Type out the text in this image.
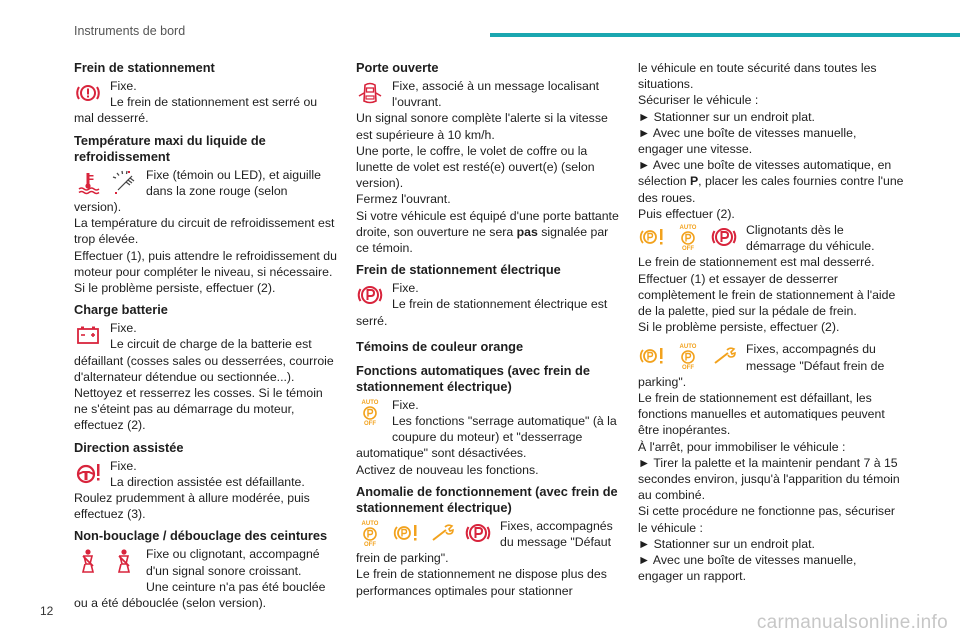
Instruments de bord
Frein de stationnement
Fixe.
Le frein de stationnement est serré ou mal desserré.
Température maxi du liquide de refroidissement
Fixe (témoin ou LED), et aiguille dans la zone rouge (selon version).
La température du circuit de refroidissement est trop élevée.
Effectuer (1), puis attendre le refroidissement du moteur pour compléter le niveau, si nécessaire.
Si le problème persiste, effectuer (2).
Charge batterie
Fixe.
Le circuit de charge de la batterie est défaillant (cosses sales ou desserrées, courroie d'alternateur détendue ou sectionnée...).
Nettoyez et resserrez les cosses. Si le témoin ne s'éteint pas au démarrage du moteur, effectuez (2).
Direction assistée
Fixe.
La direction assistée est défaillante.
Roulez prudemment à allure modérée, puis effectuez (3).
Non-bouclage / débouclage des ceintures
Fixe ou clignotant, accompagné d'un signal sonore croissant.
Une ceinture n'a pas été bouclée ou a été débouclée (selon version).
Porte ouverte
Fixe, associé à un message localisant l'ouvrant.
Un signal sonore complète l'alerte si la vitesse est supérieure à 10 km/h.
Une porte, le coffre, le volet de coffre ou la lunette de volet est resté(e) ouvert(e) (selon version).
Fermez l'ouvrant.
Si votre véhicule est équipé d'une porte battante droite, son ouverture ne sera pas signalée par ce témoin.
Frein de stationnement électrique
Fixe.
Le frein de stationnement électrique est serré.
Témoins de couleur orange
Fonctions automatiques (avec frein de stationnement électrique)
AUTO
OFF
Fixe.
Les fonctions "serrage automatique" (à la coupure du moteur) et "desserrage automatique" sont désactivées.
Activez de nouveau les fonctions.
Anomalie de fonctionnement (avec frein de stationnement électrique)
AUTO
OFF
Fixes, accompagnés du message "Défaut frein de parking".
Le frein de stationnement ne dispose plus des performances optimales pour stationner
le véhicule en toute sécurité dans toutes les situations.
Sécuriser le véhicule :
► Stationner sur un endroit plat.
► Avec une boîte de vitesses manuelle, engager une vitesse.
► Avec une boîte de vitesses automatique, en sélection P, placer les cales fournies contre l'une des roues.
Puis effectuer (2).
AUTO
OFF
Clignotants dès le démarrage du véhicule.
Le frein de stationnement est mal desserré.
Effectuer (1) et essayer de desserrer complètement le frein de stationnement à l'aide de la palette, pied sur la pédale de frein.
Si le problème persiste, effectuer (2).
AUTO
OFF
Fixes, accompagnés du message "Défaut frein de parking".
Le frein de stationnement est défaillant, les fonctions manuelles et automatiques peuvent être inopérantes.
À l'arrêt, pour immobiliser le véhicule :
► Tirer la palette et la maintenir pendant 7 à 15 secondes environ, jusqu'à l'apparition du témoin au combiné.
Si cette procédure ne fonctionne pas, sécuriser le véhicule :
► Stationner sur un endroit plat.
► Avec une boîte de vitesses manuelle, engager un rapport.
12
carmanualsonline.info
